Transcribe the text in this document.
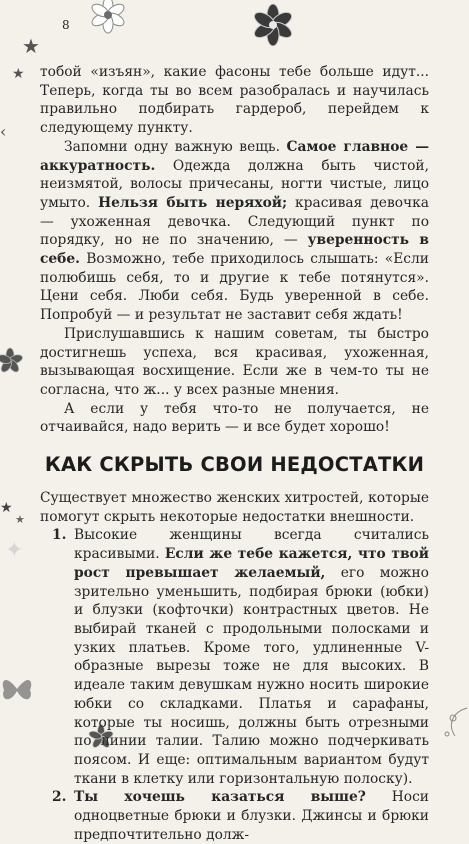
8
★
★
‹
★
★
✦

тобой «изъян», какие фасоны тебе больше идут... Теперь, когда ты во всем разобралась и научилась правильно подбирать гардероб, перейдем к следующему пункту.

Запомни одну важную вещь. Самое главное — аккуратность. Одежда должна быть чистой, неизмятой, волосы причесаны, ногти чистые, лицо умыто. Нельзя быть неряхой; красивая девочка — ухоженная девочка. Следующий пункт по порядку, но не по значению, — уверенность в себе. Возможно, тебе приходилось слышать: «Если полюбишь себя, то и другие к тебе потянутся». Цени себя. Люби себя. Будь уверенной в себе. Попробуй — и результат не заставит себя ждать!

Прислушавшись к нашим советам, ты быстро достигнешь успеха, вся красивая, ухоженная, вызывающая восхищение. Если же в чем-то ты не согласна, что ж... у всех разные мнения.

А если у тебя что-то не получается, не отчаивайся, надо верить — и все будет хорошо!

КАК СКРЫТЬ СВОИ НЕДОСТАТКИ

Существует множество женских хитростей, которые помогут скрыть некоторые недостатки внешности.

1. Высокие женщины всегда считались красивыми. Если же тебе кажется, что твой рост превышает желаемый, его можно зрительно уменьшить, подбирая брюки (юбки) и блузки (кофточки) контрастных цветов. Не выбирай тканей с продольными полосками и узких платьев. Кроме того, удлиненные V-образные вырезы тоже не для высоких. В идеале таким девушкам нужно носить широкие юбки со складками. Платья и сарафаны, которые ты носишь, должны быть отрезными по линии талии. Талию можно подчеркивать поясом. И еще: оптимальным вариантом будут ткани в клетку или горизонтальную полоску).
2. Ты хочешь казаться выше? Носи одноцветные брюки и блузки. Джинсы и брюки предпочтительно долж-
